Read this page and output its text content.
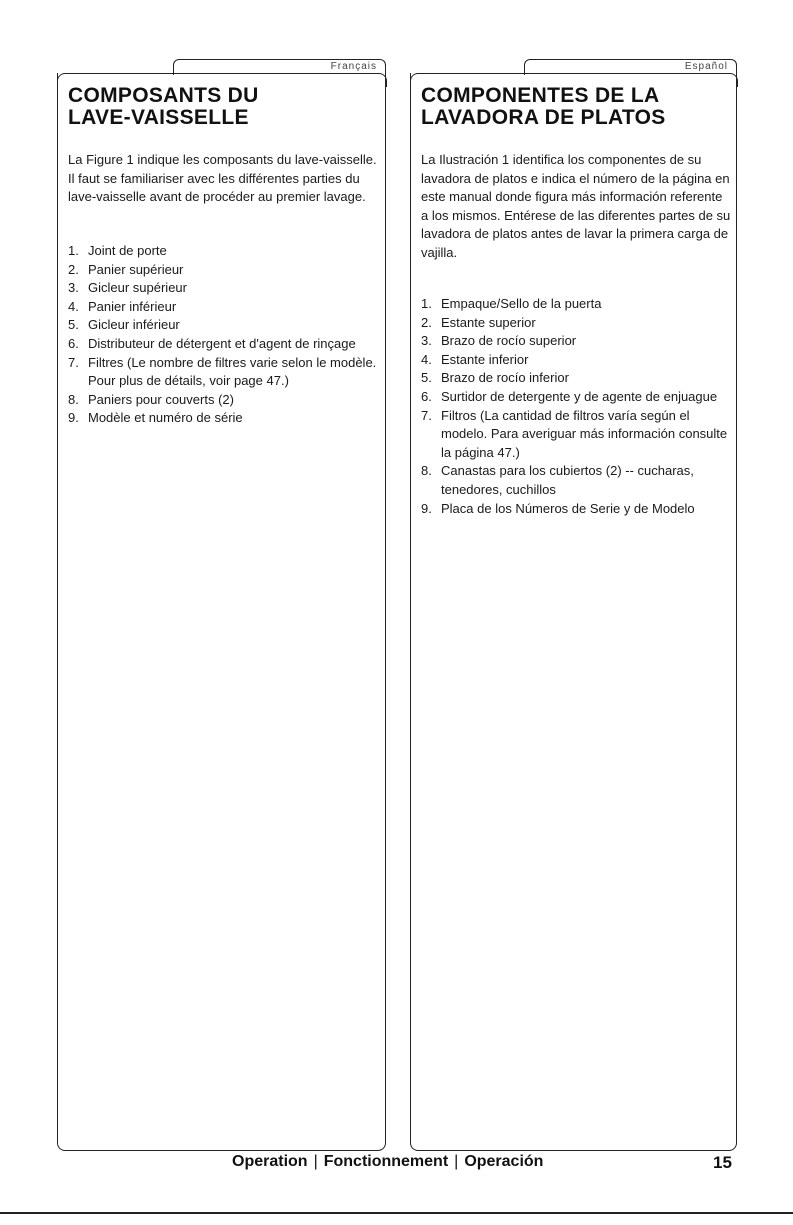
Français
COMPOSANTS DU
LAVE-VAISSELLE

La Figure 1 indique les composants du lave-vaisselle. Il faut se familiariser avec les différentes parties du lave-vaisselle avant de procéder au premier lavage.

1. Joint de porte
2. Panier supérieur
3. Gicleur supérieur
4. Panier inférieur
5. Gicleur inférieur
6. Distributeur de détergent et d'agent de rinçage
7. Filtres (Le nombre de filtres varie selon le modèle. Pour plus de détails, voir page 47.)
8. Paniers pour couverts (2)
9. Modèle et numéro de série
Español
COMPONENTES DE LA
LAVADORA DE PLATOS

La Ilustración 1 identifica los componentes de su lavadora de platos e indica el número de la página en este manual donde figura más información referente a los mismos. Entérese de las diferentes partes de su lavadora de platos antes de lavar la primera carga de vajilla.

1. Empaque/Sello de la puerta
2. Estante superior
3. Brazo de rocío superior
4. Estante inferior
5. Brazo de rocío inferior
6. Surtidor de detergente y de agente de enjuague
7. Filtros (La cantidad de filtros varía según el modelo. Para averiguar más información consulte la página 47.)
8. Canastas para los cubiertos (2) -- cucharas, tenedores, cuchillos
9. Placa de los Números de Serie y de Modelo
Operation | Fonctionnement | Operación	15
